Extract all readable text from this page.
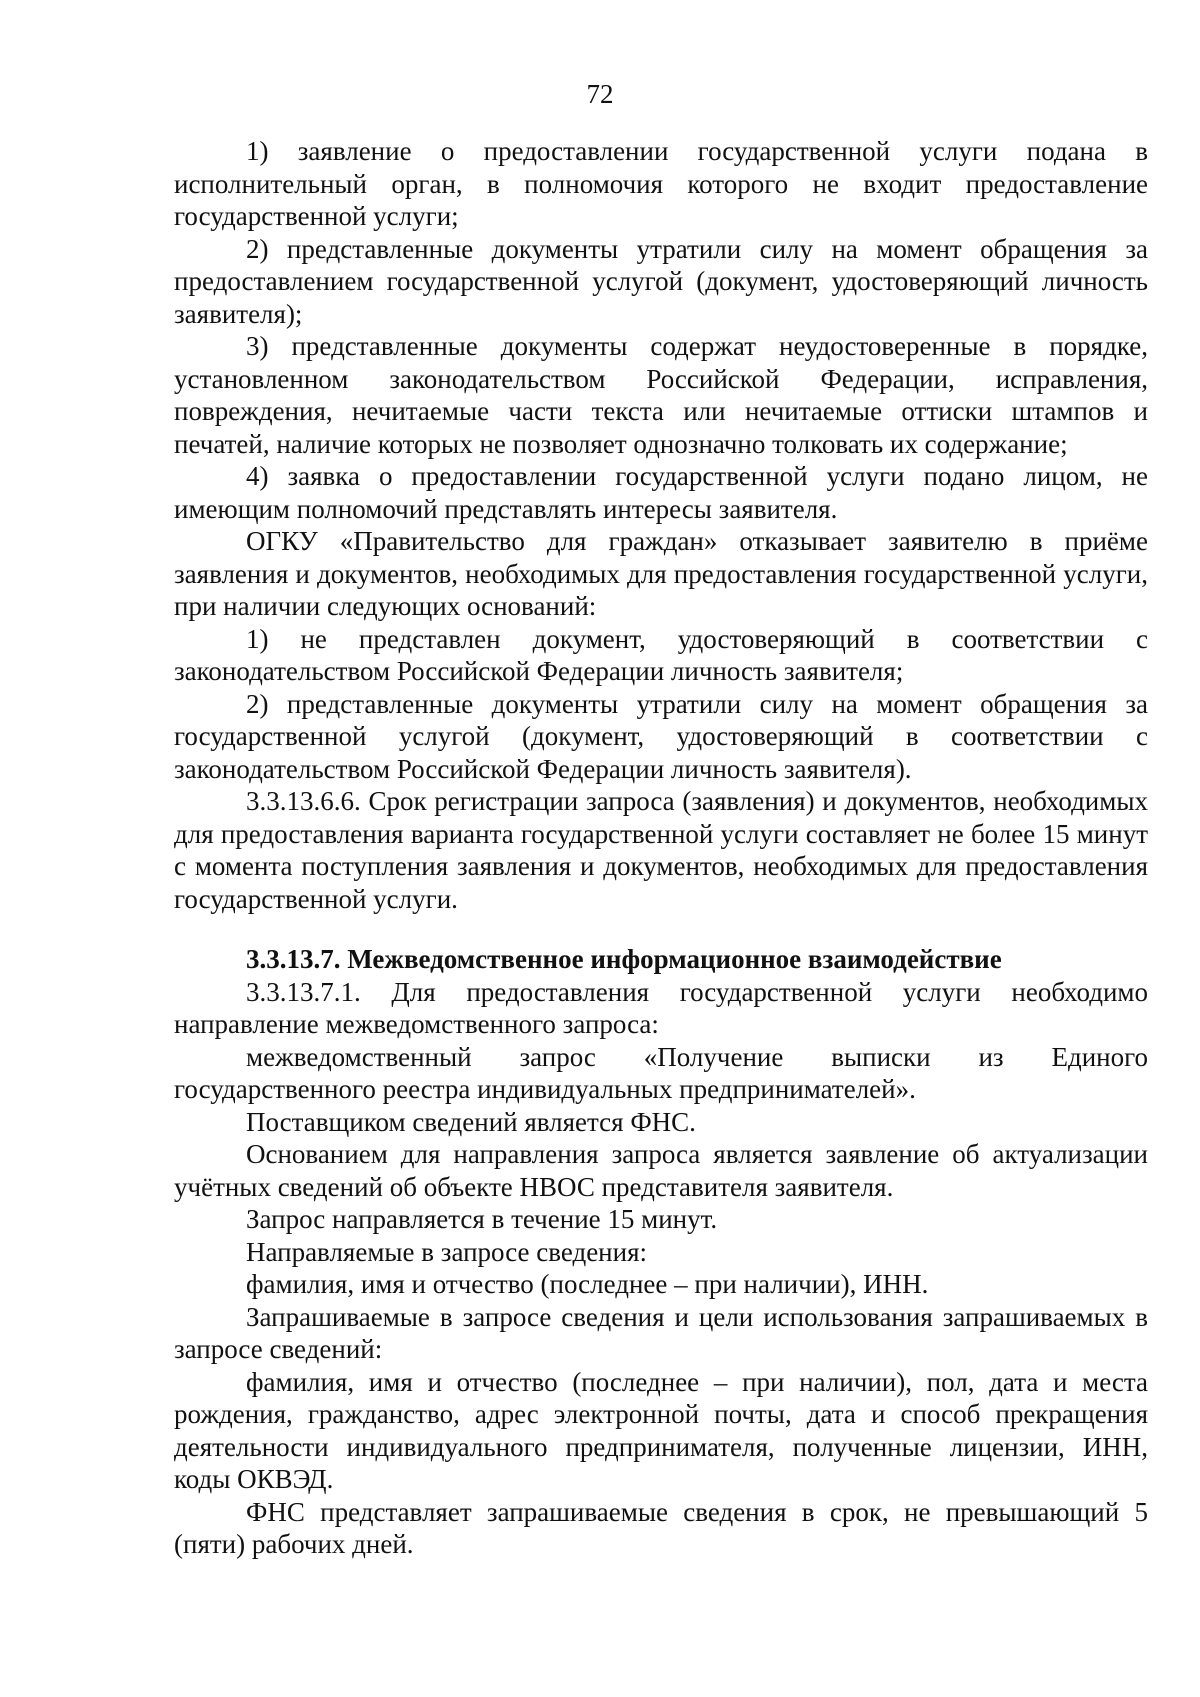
72

1) заявление о предоставлении государственной услуги подана в исполнительный орган, в полномочия которого не входит предоставление государственной услуги;

2) представленные документы утратили силу на момент обращения за предоставлением государственной услугой (документ, удостоверяющий личность заявителя);

3) представленные документы содержат неудостоверенные в порядке, установленном законодательством Российской Федерации, исправления, повреждения, нечитаемые части текста или нечитаемые оттиски штампов и печатей, наличие которых не позволяет однозначно толковать их содержание;

4) заявка о предоставлении государственной услуги подано лицом, не имеющим полномочий представлять интересы заявителя.

ОГКУ «Правительство для граждан» отказывает заявителю в приёме заявления и документов, необходимых для предоставления государственной услуги, при наличии следующих оснований:

1) не представлен документ, удостоверяющий в соответствии с законодательством Российской Федерации личность заявителя;

2) представленные документы утратили силу на момент обращения за государственной услугой (документ, удостоверяющий в соответствии с законодательством Российской Федерации личность заявителя).

3.3.13.6.6. Срок регистрации запроса (заявления) и документов, необходимых для предоставления варианта государственной услуги составляет не более 15 минут с момента поступления заявления и документов, необходимых для предоставления государственной услуги.

3.3.13.7. Межведомственное информационное взаимодействие

3.3.13.7.1. Для предоставления государственной услуги необходимо направление межведомственного запроса:

межведомственный запрос «Получение выписки из Единого государственного реестра индивидуальных предпринимателей».

Поставщиком сведений является ФНС.

Основанием для направления запроса является заявление об актуализации учётных сведений об объекте НВОС представителя заявителя.

Запрос направляется в течение 15 минут.

Направляемые в запросе сведения:

фамилия, имя и отчество (последнее – при наличии), ИНН.

Запрашиваемые в запросе сведения и цели использования запрашиваемых в запросе сведений:

фамилия, имя и отчество (последнее – при наличии), пол, дата и места рождения, гражданство, адрес электронной почты, дата и способ прекращения деятельности индивидуального предпринимателя, полученные лицензии, ИНН, коды ОКВЭД.

ФНС представляет запрашиваемые сведения в срок, не превышающий 5 (пяти) рабочих дней.
